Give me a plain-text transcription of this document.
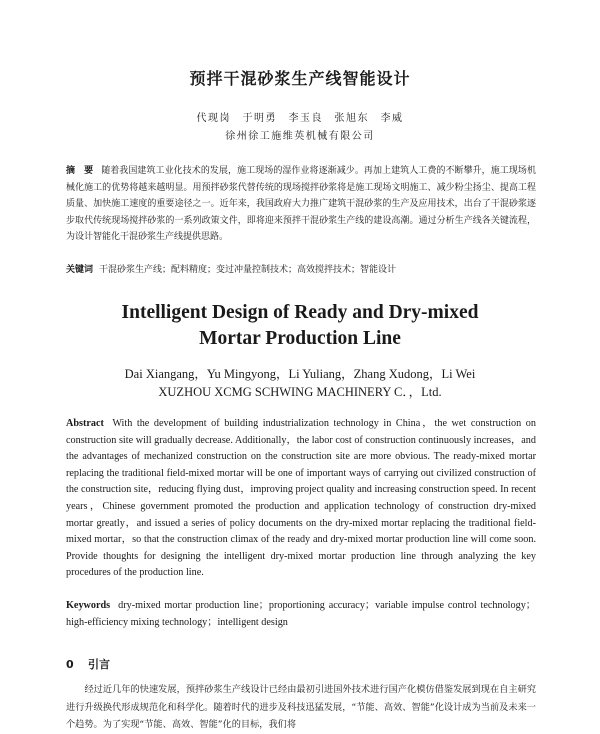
预拌干混砂浆生产线智能设计
代现岗　于明勇　李玉良　张旭东　李威
徐州徐工施维英机械有限公司
摘　要 随着我国建筑工业化技术的发展，施工现场的湿作业将逐渐减少。再加上建筑人工费的不断攀升，施工现场机械化施工的优势将越来越明显。用预拌砂浆代替传统的现场搅拌砂浆将是施工现场文明施工、减少粉尘扬尘、提高工程质量、加快施工速度的重要途径之一。近年来，我国政府大力推广建筑干混砂浆的生产及应用技术，出台了干混砂浆逐步取代传统现场搅拌砂浆的一系列政策文件，即将迎来预拌干混砂浆生产线的建设高潮。通过分析生产线各关键流程，为设计智能化干混砂浆生产线提供思路。
关键词 干混砂浆生产线；配料精度；变过冲量控制技术；高效搅拌技术；智能设计
Intelligent Design of Ready and Dry-mixed
Mortar Production Line
Dai Xiangang，Yu Mingyong，Li Yuliang，Zhang Xudong，Li Wei
XUZHOU XCMG SCHWING MACHINERY C．，Ltd.
Abstract With the development of building industrialization technology in China，the wet construction on construction site will gradually decrease. Additionally，the labor cost of construction continuously increases，and the advantages of mechanized construction on the construction site are more obvious. The ready-mixed mortar replacing the traditional field-mixed mortar will be one of important ways of carrying out civilized construction of the construction site，reducing flying dust，improving project quality and increasing construction speed. In recent years，Chinese government promoted the production and application technology of construction dry-mixed mortar greatly，and issued a series of policy documents on the dry-mixed mortar replacing the traditional field-mixed mortar，so that the construction climax of the ready and dry-mixed mortar production line will come soon. Provide thoughts for designing the intelligent dry-mixed mortar production line through analyzing the key procedures of the production line.
Keywords dry-mixed mortar production line；proportioning accuracy；variable impulse control technology；high-efficiency mixing technology；intelligent design
0 引言
　　经过近几年的快速发展，预拌砂浆生产线设计已经由最初引进国外技术进行国产化模仿借鉴发展到现在自主研究进行升级换代形成规范化和科学化。随着时代的进步及科技迅猛发展，“节能、高效、智能”化设计成为当前及未来一个趋势。为了实现“节能、高效、智能”化的目标，我们将
